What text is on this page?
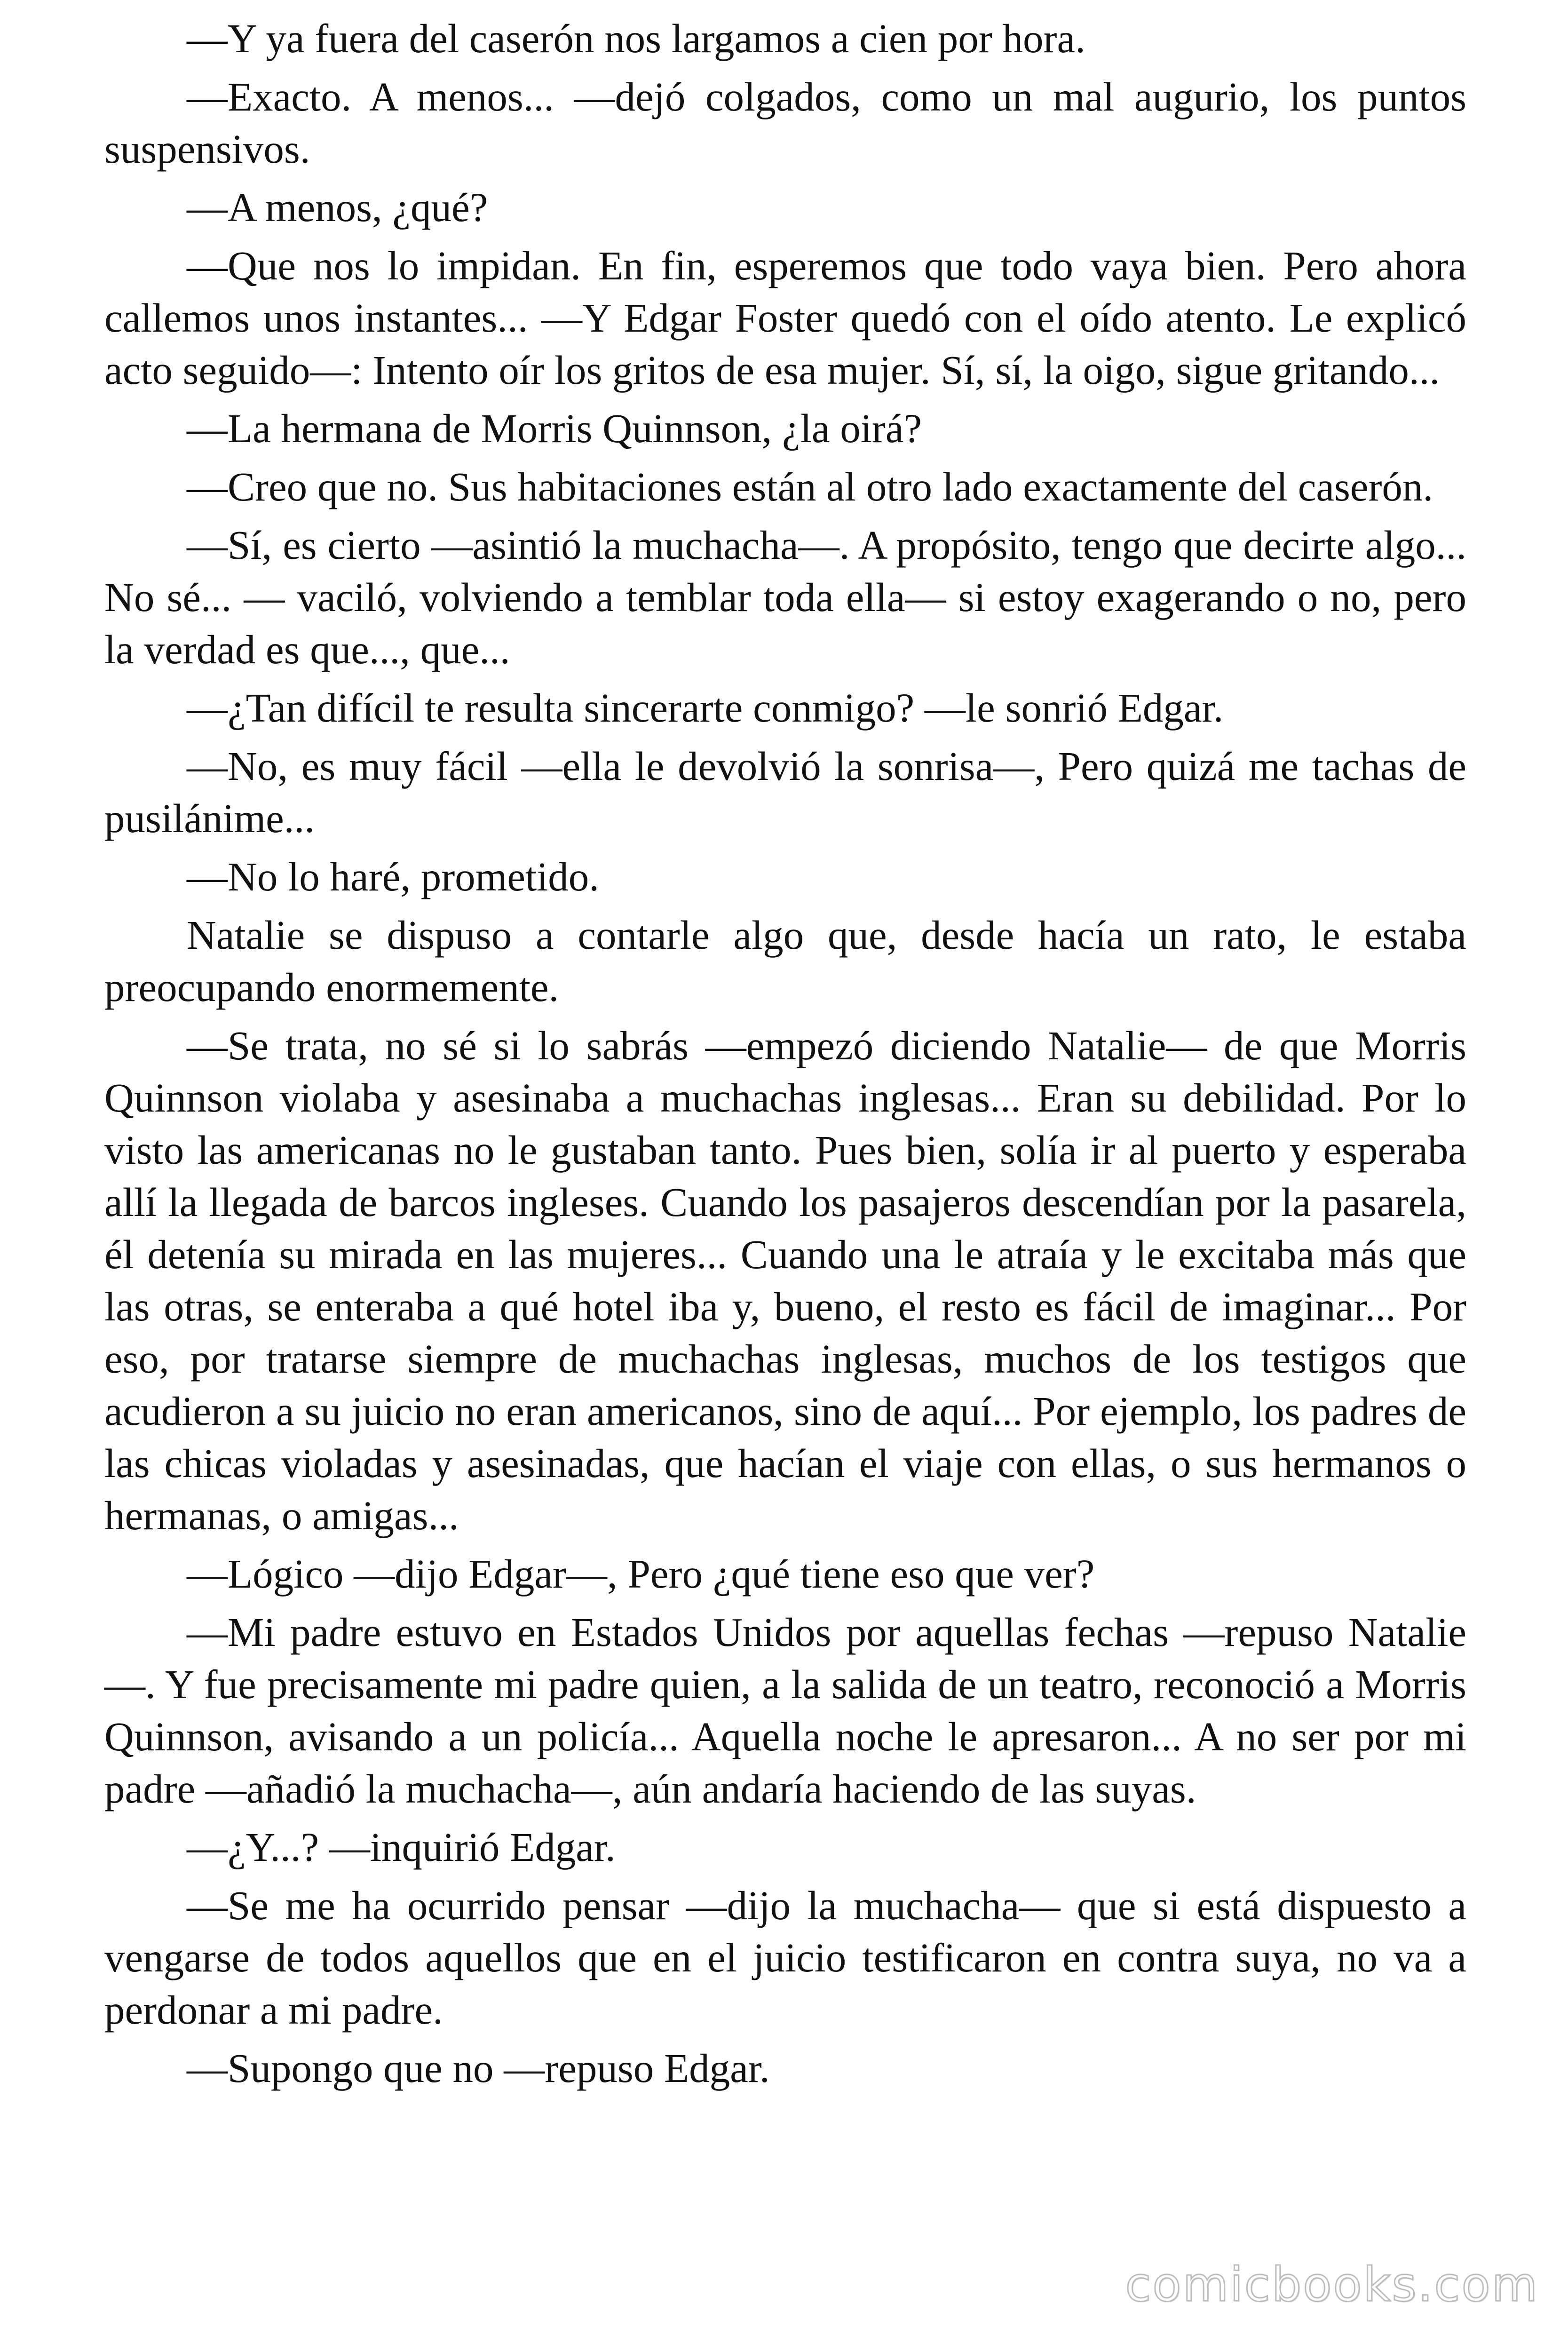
—Y ya fuera del caserón nos largamos a cien por hora.

—Exacto. A menos... —dejó colgados, como un mal augurio, los puntos suspensivos.

—A menos, ¿qué?

—Que nos lo impidan. En fin, esperemos que todo vaya bien. Pero ahora callemos unos instantes... —Y Edgar Foster quedó con el oído atento. Le explicó acto seguido—: Intento oír los gritos de esa mujer. Sí, sí, la oigo, sigue gritando...

—La hermana de Morris Quinnson, ¿la oirá?

—Creo que no. Sus habitaciones están al otro lado exactamente del caserón.

—Sí, es cierto —asintió la muchacha—. A propósito, tengo que decirte algo... No sé... — vaciló, volviendo a temblar toda ella— si estoy exagerando o no, pero la verdad es que..., que...

—¿Tan difícil te resulta sincerarte conmigo? —le sonrió Edgar.

—No, es muy fácil —ella le devolvió la sonrisa—, Pero quizá me tachas de pusilánime...

—No lo haré, prometido.

Natalie se dispuso a contarle algo que, desde hacía un rato, le estaba preocupando enormemente.

—Se trata, no sé si lo sabrás —empezó diciendo Natalie— de que Morris Quinnson violaba y asesinaba a muchachas inglesas... Eran su debilidad. Por lo visto las americanas no le gustaban tanto. Pues bien, solía ir al puerto y esperaba allí la llegada de barcos ingleses. Cuando los pasajeros descendían por la pasarela, él detenía su mirada en las mujeres... Cuando una le atraía y le excitaba más que las otras, se enteraba a qué hotel iba y, bueno, el resto es fácil de imaginar... Por eso, por tratarse siempre de muchachas inglesas, muchos de los testigos que acudieron a su juicio no eran americanos, sino de aquí... Por ejemplo, los padres de las chicas violadas y asesinadas, que hacían el viaje con ellas, o sus hermanos o hermanas, o amigas...

—Lógico —dijo Edgar—, Pero ¿qué tiene eso que ver?

—Mi padre estuvo en Estados Unidos por aquellas fechas —repuso Natalie—. Y fue precisamente mi padre quien, a la salida de un teatro, reconoció a Morris Quinnson, avisando a un policía... Aquella noche le apresaron... A no ser por mi padre —añadió la muchacha—, aún andaría haciendo de las suyas.

—¿Y...? —inquirió Edgar.

—Se me ha ocurrido pensar —dijo la muchacha— que si está dispuesto a vengarse de todos aquellos que en el juicio testificaron en contra suya, no va a perdonar a mi padre.

—Supongo que no —repuso Edgar.

comicbooks.com
